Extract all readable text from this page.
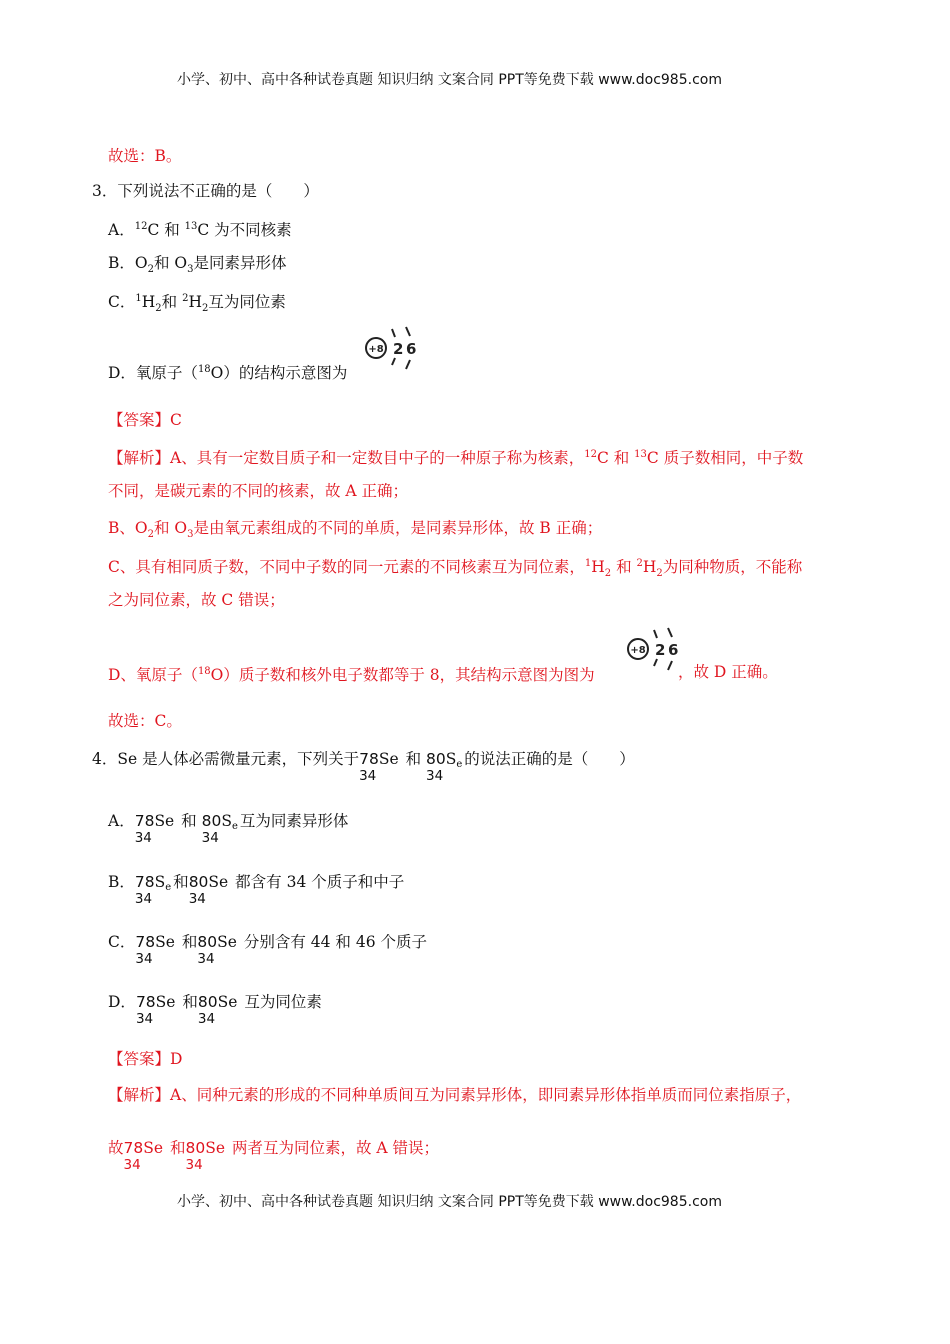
小学、初中、高中各种试卷真题 知识归纳 文案合同 PPT等免费下载 www.doc985.com
故选：B。
3．下列说法不正确的是（　　）
A．$^{12}$C 和 $^{13}$C 为不同核素
B．$O_2$和 $O_3$是同素异形体
C．$^1H_2$和 $^2H_2$互为同位素
D．氧原子（$^{18}$O）的结构示意图为
+8 2 6
【答案】C
【解析】A、具有一定数目质子和一定数目中子的一种原子称为核素，$^{12}$C 和 $^{13}$C 质子数相同，中子数
不同，是碳元素的不同的核素，故 A 正确；
B、$O_2$和 $O_3$是由氧元素组成的不同的单质，是同素异形体，故 B 正确；
C、具有相同质子数，不同中子数的同一元素的不同核素互为同位素，$^1H_2$ 和 $^2H_2$为同种物质，不能称
之为同位素，故 C 错误；
D、氧原子（$^{18}$O）质子数和核外电子数都等于 8，其结构示意图为图为	，故 D 正确。
+8 2 6
故选：C。
4．Se 是人体必需微量元素，下列关于78Se
34
和 80Se
34
的说法正确的是（　　）
A．78Se
34
和 80Se
34
互为同素异形体
B．78Se
34
和80Se
34
都含有 34 个质子和中子
C．78Se
34
和80Se
34
分别含有 44 和 46 个质子
D．78Se
34
和80Se
34
互为同位素
【答案】D
【解析】A、同种元素的形成的不同种单质间互为同素异形体，即同素异形体指单质而同位素指原子，
故78Se
34
和80Se
34
两者互为同位素，故 A 错误；
小学、初中、高中各种试卷真题 知识归纳 文案合同 PPT等免费下载 www.doc985.com
